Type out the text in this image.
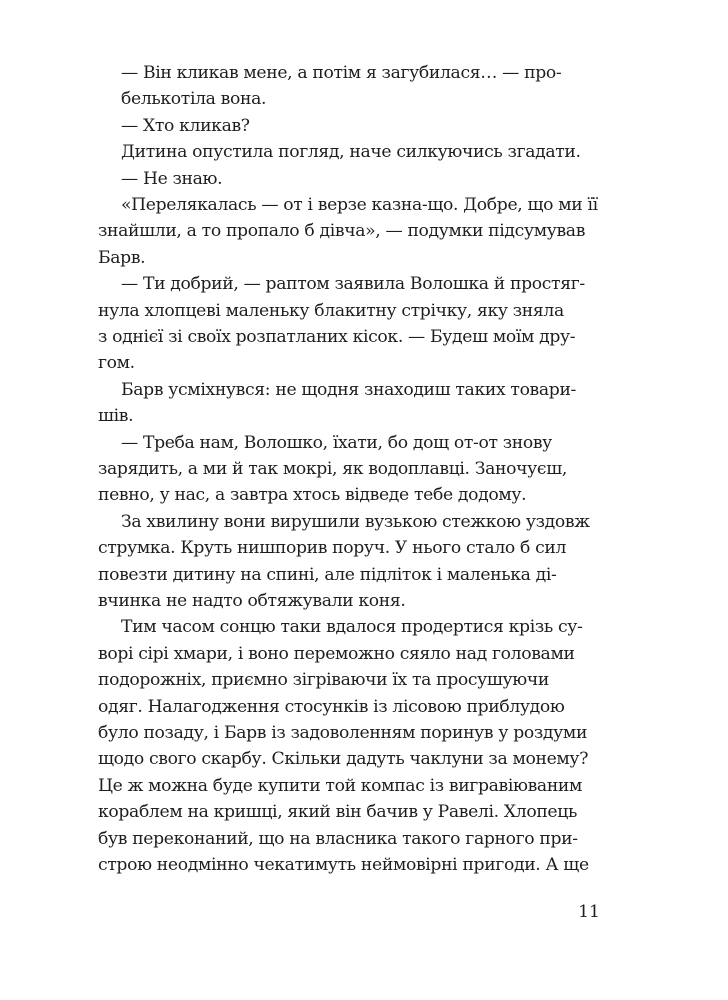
— Він кликав мене, а потім я загубилася… — про-
белькотіла вона.
— Хто кликав?
Дитина опустила погляд, наче силкуючись згадати.
— Не знаю.
«Перелякалась — от і верзе казна-що. Добре, що ми її
знайшли, а то пропало б дівча», — подумки підсумував
Барв.
— Ти добрий, — раптом заявила Волошка й простяг-
нула хлопцеві маленьку блакитну стрічку, яку зняла
з однієї зі своїх розпатланих кісок. — Будеш моїм дру-
гом.
Барв усміхнувся: не щодня знаходиш таких товари-
шів.
— Треба нам, Волошко, їхати, бо дощ от-от знову
зарядить, а ми й так мокрі, як водоплавці. Заночуєш,
певно, у нас, а завтра хтось відведе тебе додому.
За хвилину вони вирушили вузькою стежкою уздовж
струмка. Круть нишпорив поруч. У нього стало б сил
повезти дитину на спині, але підліток і маленька ді-
вчинка не надто обтяжували коня.
Тим часом сонцю таки вдалося продертися крізь су-
ворі сірі хмари, і воно переможно сяяло над головами
подорожніх, приємно зігріваючи їх та просушуючи
одяг. Налагодження стосунків із лісовою приблудою
було позаду, і Барв із задоволенням поринув у роздуми
щодо свого скарбу. Скільки дадуть чаклуни за монему?
Це ж можна буде купити той компас із вигравіюваним
кораблем на кришці, який він бачив у Равелі. Хлопець
був переконаний, що на власника такого гарного при-
строю неодмінно чекатимуть неймовірні пригоди. А ще
11
